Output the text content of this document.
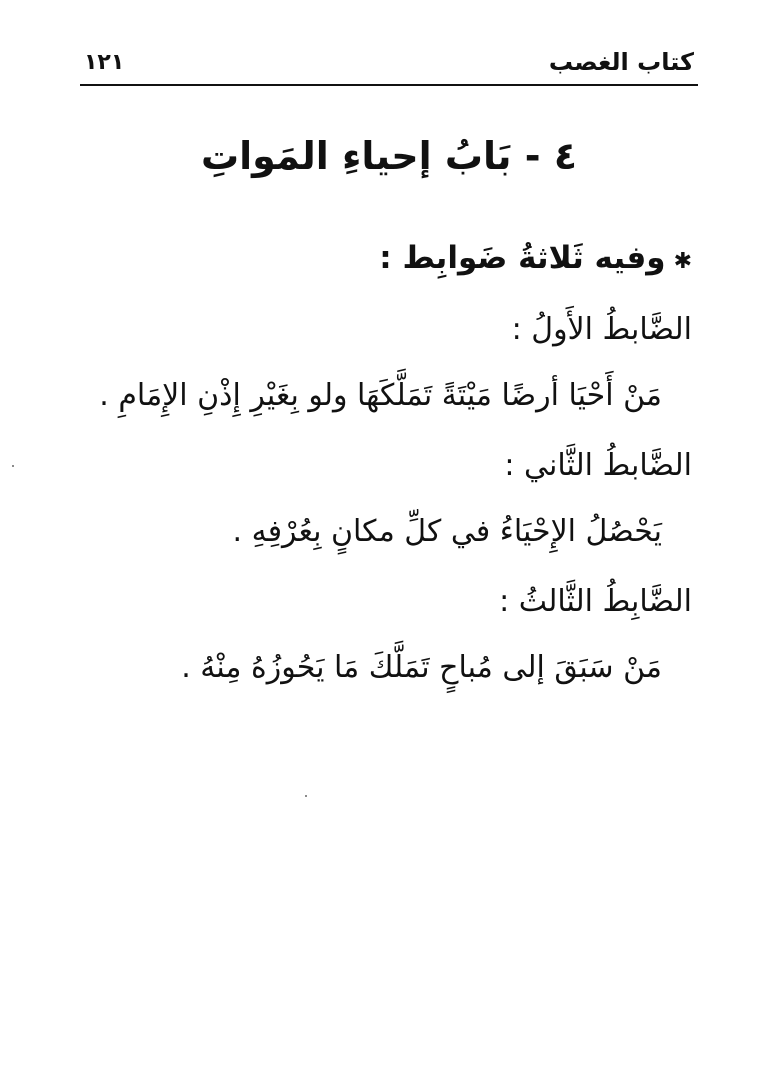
١٢١	كتاب الغصب
٤ - بَابُ إحياءِ المَواتِ
✱وفيه ثَلاثةُ ضَوابِط :
الضَّابطُ الأَولُ :
مَنْ أَحْيَا أرضًا مَيْتَةً تَمَلَّكَهَا ولو بِغَيْرِ إِذْنِ الإِمَامِ .
الضَّابطُ الثَّاني :
يَحْصُلُ الإِحْيَاءُ في كلِّ مكانٍ بِعُرْفِهِ .
الضَّابِطُ الثَّالثُ :
مَنْ سَبَقَ إلى مُباحٍ تَمَلَّكَ مَا يَحُوزُهُ مِنْهُ .
